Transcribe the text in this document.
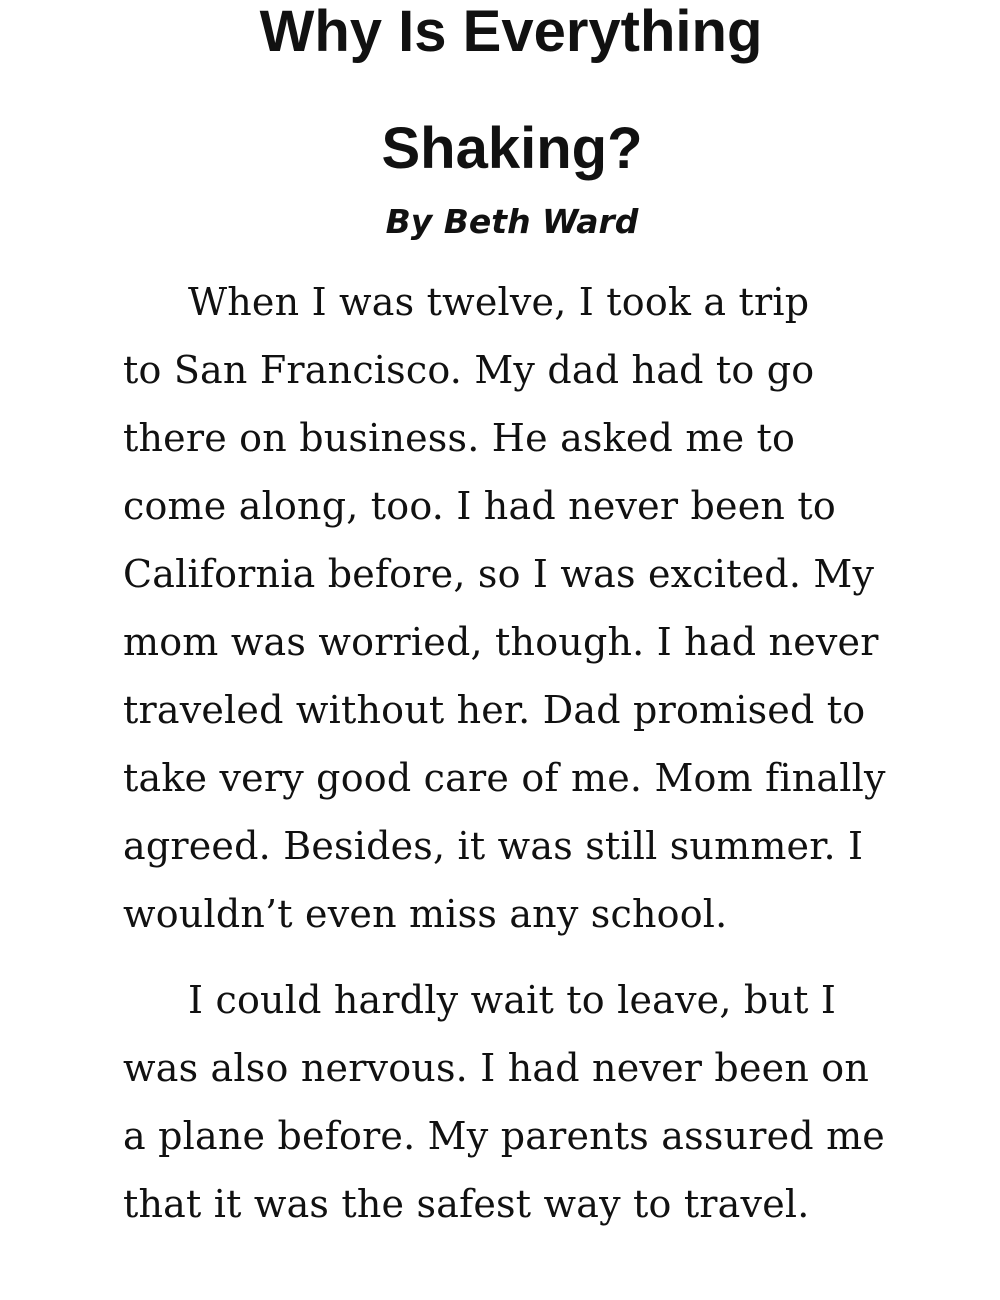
Why Is Everything
Shaking?

By Beth Ward

When I was twelve, I took a trip
to San Francisco. My dad had to go
there on business. He asked me to
come along, too. I had never been to
California before, so I was excited. My
mom was worried, though. I had never
traveled without her. Dad promised to
take very good care of me. Mom finally
agreed. Besides, it was still summer. I
wouldn’t even miss any school.

I could hardly wait to leave, but I
was also nervous. I had never been on
a plane before. My parents assured me
that it was the safest way to travel.
